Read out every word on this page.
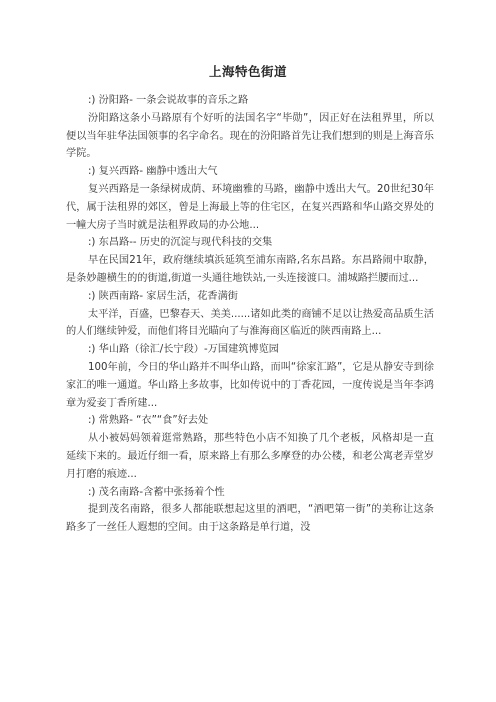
上海特色街道
:) 汾阳路- 一条会说故事的音乐之路
汾阳路这条小马路原有个好听的法国名字“毕勋”，因正好在法租界里，所以便以当年驻华法国领事的名字命名。现在的汾阳路首先让我们想到的则是上海音乐学院。
:) 复兴西路- 幽静中透出大气
复兴西路是一条绿树成荫、环境幽雅的马路，幽静中透出大气。20世纪30年代，属于法租界的郊区，曾是上海最上等的住宅区，在复兴西路和华山路交界处的一幢大房子当时就是法租界政局的办公地...
:) 东昌路-- 历史的沉淀与现代科技的交集
早在民国21年，政府继续填浜延筑至浦东南路,名东昌路。东昌路闹中取静，是条妙趣横生的的街道,街道一头通往地铁站,一头连接渡口。浦城路拦腰而过...
:) 陕西南路- 家居生活，花香满街
太平洋，百盛，巴黎春天、美美......诸如此类的商铺不足以让热爱高品质生活的人们继续钟爱，而他们将目光瞄向了与淮海商区临近的陕西南路上...
:) 华山路（徐汇/长宁段）-万国建筑博览园
100年前，今日的华山路并不叫华山路，而叫“徐家汇路”，它是从静安寺到徐家汇的唯一通道。华山路上多故事，比如传说中的丁香花园，一度传说是当年李鸿章为爱妾丁香所建...
:) 常熟路- “衣”“食”好去处
从小被妈妈领着逛常熟路，那些特色小店不知换了几个老板，风格却是一直延续下来的。最近仔细一看，原来路上有那么多摩登的办公楼，和老公寓老弄堂岁月打磨的痕迹...
:) 茂名南路-含蓄中张扬着个性
提到茂名南路，很多人都能联想起这里的酒吧，“酒吧第一街”的美称让这条路多了一丝任人遐想的空间。由于这条路是单行道，没
